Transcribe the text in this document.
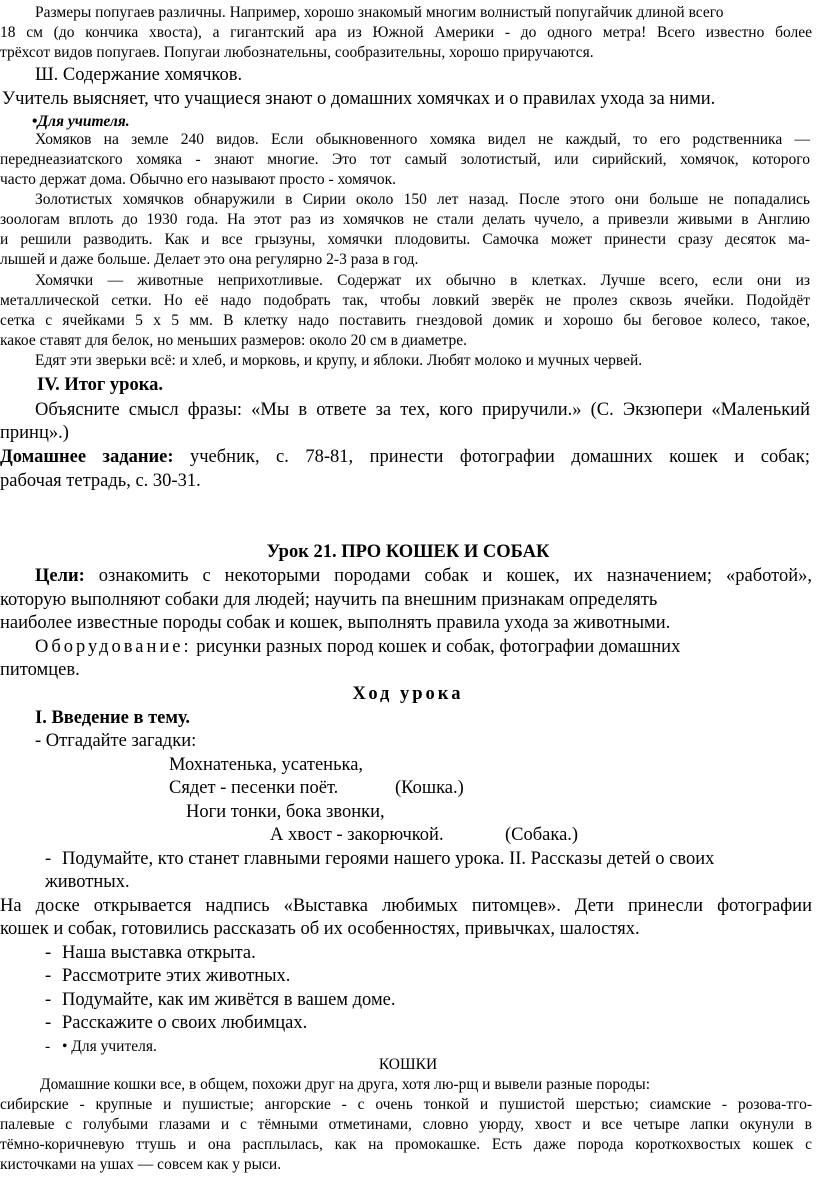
Размеры попугаев различны. Например, хорошо знакомый многим волнистый попугайчик длиной всего
18 см (до кончика хвоста), а гигантский ара из Южной Америки - до одного метра! Всего известно более
трёхсот видов попугаев. Попугаи любознательны, сообразительны, хорошо приручаются.
Ш. Содержание хомячков.
Учитель выясняет, что учащиеся знают о домашних хомячках и о правилах ухода за ними.
•Для учителя.
Хомяков на земле 240 видов. Если обыкновенного хомяка видел не каждый, то его родственника —
переднеазиатского хомяка - знают многие. Это тот самый золотистый, или сирийский, хомячок, которого
часто держат дома. Обычно его называют просто - хомячок.
Золотистых хомячков обнаружили в Сирии около 150 лет назад. После этого они больше не попадались
зоологам вплоть до 1930 года. На этот раз из хомячков не стали делать чучело, а привезли живыми в Англию
и решили разводить. Как и все грызуны, хомячки плодовиты. Самочка может принести сразу десяток ма-
лышей и даже больше. Делает это она регулярно 2-3 раза в год.
Хомячки — животные неприхотливые. Содержат их обычно в клетках. Лучше всего, если они из
металлической сетки. Но её надо подобрать так, чтобы ловкий зверёк не пролез сквозь ячейки. Подойдёт
сетка с ячейками 5 х 5 мм. В клетку надо поставить гнездовой домик и хорошо бы беговое колесо, такое,
какое ставят для белок, но меньших размеров: около 20 см в диаметре.
Едят эти зверьки всё: и хлеб, и морковь, и крупу, и яблоки. Любят молоко и мучных червей.
IV. Итог урока.
Объясните смысл фразы: «Мы в ответе за тех, кого приручили.» (С. Экзюпери «Маленький
принц».)
Домашнее задание: учебник, с. 78-81, принести фотографии домашних кошек и собак;
рабочая тетрадь, с. 30-31.
Урок 21. ПРО КОШЕК И СОБАК
Цели: ознакомить с некоторыми породами собак и кошек, их назначением; «работой»,
которую выполняют собаки для людей; научить па внешним признакам определять
наиболее известные породы собак и кошек, выполнять правила ухода за животными.
Оборудование: рисунки разных пород кошек и собак, фотографии домашних
питомцев.
Ход урока
I. Введение в тему.
- Отгадайте загадки:
Мохнатенька, усатенька,
Сядет - песенки поёт.	(Кошка.)
Ноги тонки, бока звонки,
А хвост - закорючкой.	(Собака.)
- Подумайте, кто станет главными героями нашего урока. II. Рассказы детей о своих
животных.
На доске открывается надпись «Выставка любимых питомцев». Дети принесли фотографии
кошек и собак, готовились рассказать об их особенностях, привычках, шалостях.
- Наша выставка открыта.
- Рассмотрите этих животных.
- Подумайте, как им живётся в вашем доме.
- Расскажите о своих любимцах.
- • Для учителя.
КОШКИ
Домашние кошки все, в общем, похожи друг на друга, хотя лю-рщ и вывели разные породы:
сибирские - крупные и пушистые; ангорские - с очень тонкой и пушистой шерстью; сиамские - розова-тго-
палевые с голубыми глазами и с тёмными отметинами, словно уюрду, хвост и все четыре лапки окунули в
тёмно-коричневую ттушь и она расплылась, как на промокашке. Есть даже порода короткохвостых кошек с
кисточками на ушах — совсем как у рыси.
